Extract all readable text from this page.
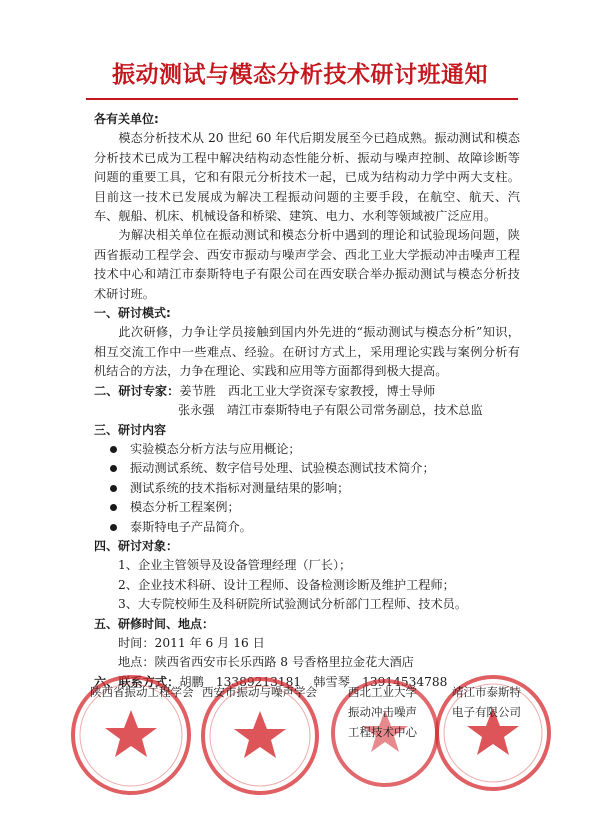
振动测试与模态分析技术研讨班通知

各有关单位:

模态分析技术从 20 世纪 60 年代后期发展至今已趋成熟。振动测试和模态分析技术已成为工程中解决结构动态性能分析、振动与噪声控制、故障诊断等问题的重要工具，它和有限元分析技术一起，已成为结构动力学中两大支柱。目前这一技术已发展成为解决工程振动问题的主要手段，在航空、航天、汽车、舰船、机床、机械设备和桥梁、建筑、电力、水利等领域被广泛应用。

为解决相关单位在振动测试和模态分析中遇到的理论和试验现场问题，陕西省振动工程学会、西安市振动与噪声学会、西北工业大学振动冲击噪声工程技术中心和靖江市泰斯特电子有限公司在西安联合举办振动测试与模态分析技术研讨班。

一、研讨模式:

此次研修，力争让学员接触到国内外先进的“振动测试与模态分析”知识，相互交流工作中一些难点、经验。在研讨方式上，采用理论实践与案例分析有机结合的方法，力争在理论、实践和应用等方面都得到极大提高。

二、研讨专家：姜节胜　西北工业大学资深专家教授，博士导师

张永强　靖江市泰斯特电子有限公司常务副总，技术总监

三、研讨内容

实验模态分析方法与应用概论；
振动测试系统、数字信号处理、试验模态测试技术简介；
测试系统的技术指标对测量结果的影响；
模态分析工程案例；
泰斯特电子产品简介。

四、研讨对象：

1、企业主管领导及设备管理经理（厂长）；

2、企业技术科研、设计工程师、设备检测诊断及维护工程师；

3、大专院校师生及科研院所试验测试分析部门工程师、技术员。

五、研修时间、地点：

时间：2011 年 6 月 16 日

地点：陕西省西安市长乐西路 8 号香格里拉金花大酒店

六、联系方式：胡鹏　13389213181　韩雪琴　13914534788

陕西省振动工程学会 西安市振动与噪声学会	西北工业大学
振动冲击噪声
工程技术中心
靖江市泰斯特
电子有限公司
